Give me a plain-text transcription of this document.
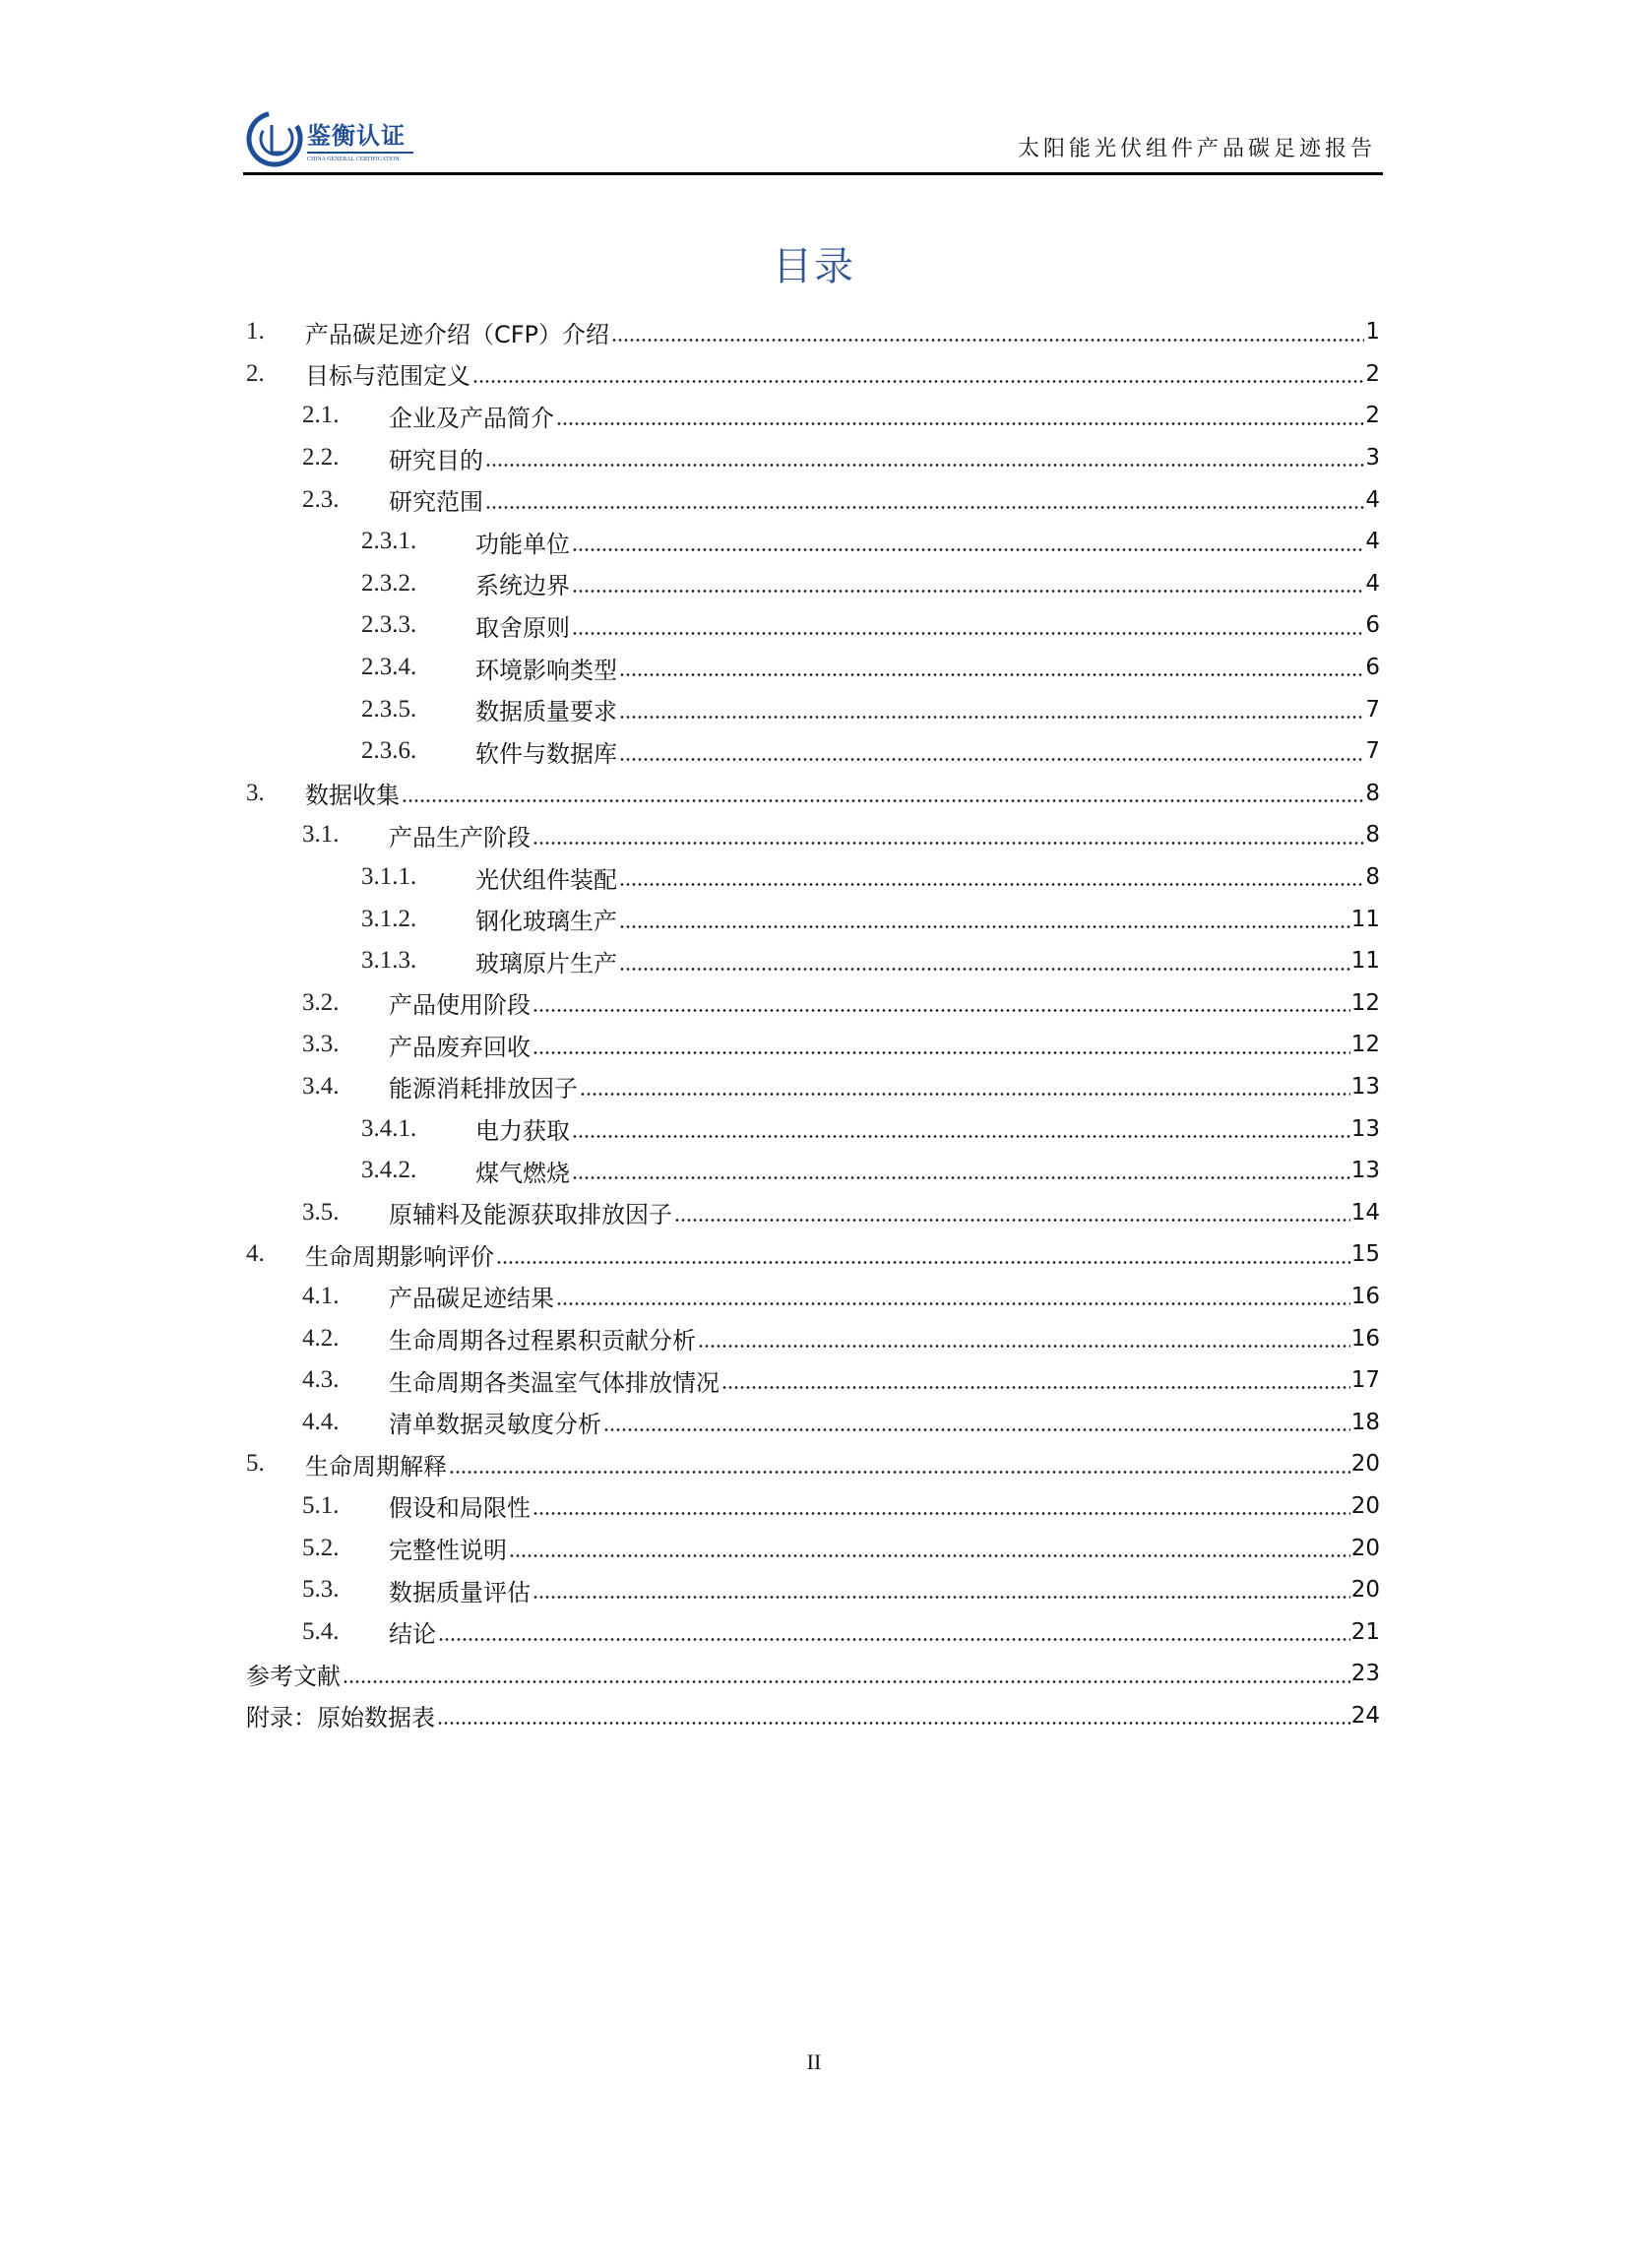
鉴衡认证
CHINA GENERAL CERTIFICATION	太阳能光伏组件产品碳足迹报告
目录
1. 产品碳足迹介绍（CFP）介绍	1
2. 目标与范围定义	2
2.1. 企业及产品简介	2
2.2. 研究目的	3
2.3. 研究范围	4
2.3.1. 功能单位	4
2.3.2. 系统边界	4
2.3.3. 取舍原则	6
2.3.4. 环境影响类型	6
2.3.5. 数据质量要求	7
2.3.6. 软件与数据库	7
3. 数据收集	8
3.1. 产品生产阶段	8
3.1.1. 光伏组件装配	8
3.1.2. 钢化玻璃生产	11
3.1.3. 玻璃原片生产	11
3.2. 产品使用阶段	12
3.3. 产品废弃回收	12
3.4. 能源消耗排放因子	13
3.4.1. 电力获取	13
3.4.2. 煤气燃烧	13
3.5. 原辅料及能源获取排放因子	14
4. 生命周期影响评价	15
4.1. 产品碳足迹结果	16
4.2. 生命周期各过程累积贡献分析	16
4.3. 生命周期各类温室气体排放情况	17
4.4. 清单数据灵敏度分析	18
5. 生命周期解释	20
5.1. 假设和局限性	20
5.2. 完整性说明	20
5.3. 数据质量评估	20
5.4. 结论	21
参考文献	23
附录：原始数据表	24
II
